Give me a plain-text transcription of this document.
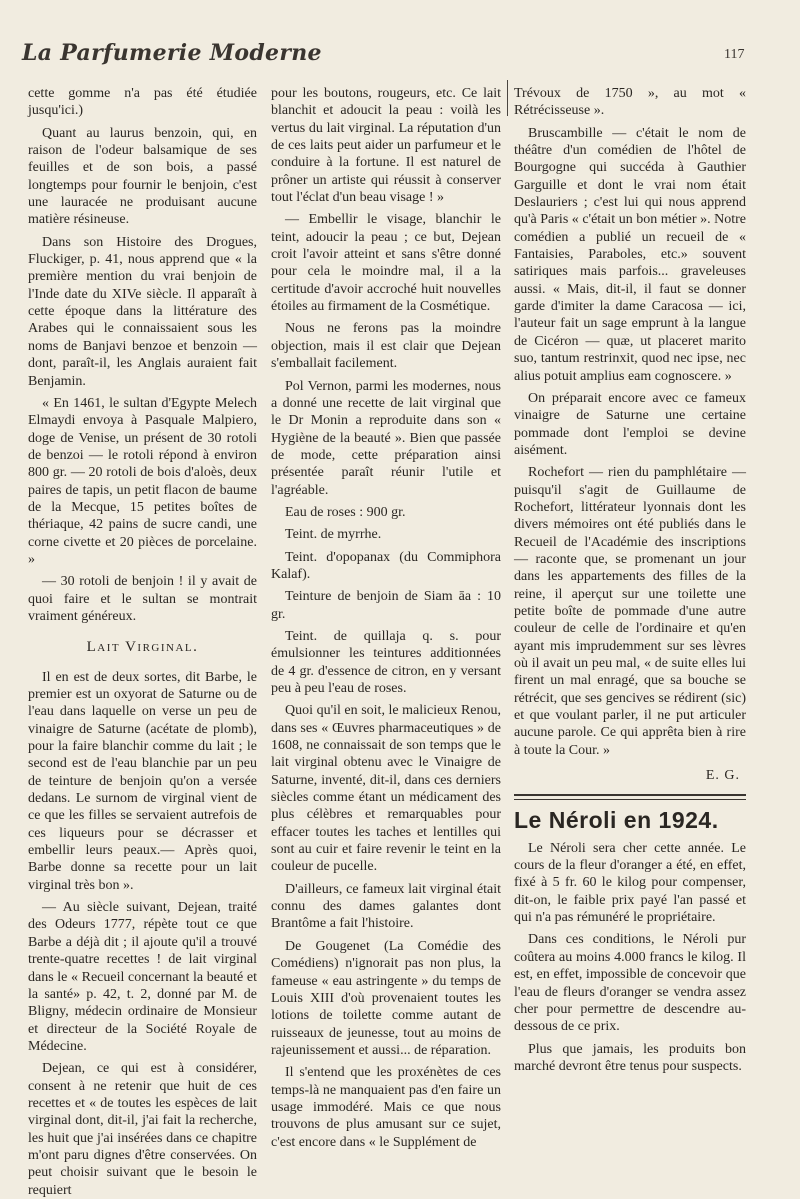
La Parfumerie Moderne	117

cette gomme n'a pas été étudiée jusqu'ici.)

Quant au laurus benzoin, qui, en raison de l'odeur balsamique de ses feuilles et de son bois, a passé longtemps pour fournir le benjoin, c'est une lauracée ne produisant aucune matière résineuse.

Dans son Histoire des Drogues, Fluckiger, p. 41, nous apprend que « la première mention du vrai benjoin de l'Inde date du XIVe siècle. Il apparaît à cette époque dans la littérature des Arabes qui le connaissaient sous les noms de Banjavi benzoe et benzoin — dont, paraît-il, les Anglais auraient fait Benjamin.

« En 1461, le sultan d'Egypte Melech Elmaydi envoya à Pasquale Malpiero, doge de Venise, un présent de 30 rotoli de benzoi — le rotoli répond à environ 800 gr. — 20 rotoli de bois d'aloès, deux paires de tapis, un petit flacon de baume de la Mecque, 15 petites boîtes de thériaque, 42 pains de sucre candi, une corne civette et 20 pièces de porcelaine. »

— 30 rotoli de benjoin ! il y avait de quoi faire et le sultan se montrait vraiment généreux.

Lait Virginal.

Il en est de deux sortes, dit Barbe, le premier est un oxyorat de Saturne ou de l'eau dans laquelle on verse un peu de vinaigre de Saturne (acétate de plomb), pour la faire blanchir comme du lait ; le second est de l'eau blanchie par un peu de teinture de benjoin qu'on a versée dedans. Le surnom de virginal vient de ce que les filles se servaient autrefois de ces liqueurs pour se décrasser et embellir leurs peaux.— Après quoi, Barbe donne sa recette pour un lait virginal très bon ».

— Au siècle suivant, Dejean, traité des Odeurs 1777, répète tout ce que Barbe a déjà dit ; il ajoute qu'il a trouvé trente-quatre recettes ! de lait virginal dans le « Recueil concernant la beauté et la santé» p. 42, t. 2, donné par M. de Bligny, médecin ordinaire de Monsieur et directeur de la Société Royale de Médecine.

Dejean, ce qui est à considérer, consent à ne retenir que huit de ces recettes et « de toutes les espèces de lait virginal dont, dit-il, j'ai fait la recherche, les huit que j'ai insérées dans ce chapitre m'ont paru dignes d'être conservées. On peut choisir suivant que le besoin le requiert

pour les boutons, rougeurs, etc. Ce lait blanchit et adoucit la peau : voilà les vertus du lait virginal. La réputation d'un de ces laits peut aider un parfumeur et le conduire à la fortune. Il est naturel de prôner un artiste qui réussit à conserver tout l'éclat d'un beau visage ! »

— Embellir le visage, blanchir le teint, adoucir la peau ; ce but, Dejean croit l'avoir atteint et sans s'être donné pour cela le moindre mal, il a la certitude d'avoir accroché huit nouvelles étoiles au firmament de la Cosmétique.

Nous ne ferons pas la moindre objection, mais il est clair que Dejean s'emballait facilement.

Pol Vernon, parmi les modernes, nous a donné une recette de lait virginal que le Dr Monin a reproduite dans son « Hygiène de la beauté ». Bien que passée de mode, cette préparation ainsi présentée paraît réunir l'utile et l'agréable.

Eau de roses : 900 gr.

Teint. de myrrhe.

Teint. d'opopanax (du Commiphora Kalaf).

Teinture de benjoin de Siam āa : 10 gr.

Teint. de quillaja q. s. pour émulsionner les teintures additionnées de 4 gr. d'essence de citron, en y versant peu à peu l'eau de roses.

Quoi qu'il en soit, le malicieux Renou, dans ses « Œuvres pharmaceutiques » de 1608, ne connaissait de son temps que le lait virginal obtenu avec le Vinaigre de Saturne, inventé, dit-il, dans ces derniers siècles comme étant un médicament des plus célèbres et remarquables pour effacer toutes les taches et lentilles qui sont au cuir et faire revenir le teint en la couleur de pucelle.

D'ailleurs, ce fameux lait virginal était connu des dames galantes dont Brantôme a fait l'histoire.

De Gougenet (La Comédie des Comédiens) n'ignorait pas non plus, la fameuse « eau astringente » du temps de Louis XIII d'où provenaient toutes les lotions de toilette comme autant de ruisseaux de jeunesse, tout au moins de rajeunissement et aussi... de réparation.

Il s'entend que les proxénètes de ces temps-là ne manquaient pas d'en faire un usage immodéré. Mais ce que nous trouvons de plus amusant sur ce sujet, c'est encore dans « le Supplément de

Trévoux de 1750 », au mot « Rétrécisseuse ».

Bruscambille — c'était le nom de théâtre d'un comédien de l'hôtel de Bourgogne qui succéda à Gauthier Garguille et dont le vrai nom était Deslauriers ; c'est lui qui nous apprend qu'à Paris « c'était un bon métier ». Notre comédien a publié un recueil de « Fantaisies, Paraboles, etc.» souvent satiriques mais parfois... graveleuses aussi. « Mais, dit-il, il faut se donner garde d'imiter la dame Caracosa — ici, l'auteur fait un sage emprunt à la langue de Cicéron — quæ, ut placeret marito suo, tantum restrinxit, quod nec ipse, nec alius potuit amplius eam cognoscere. »

On préparait encore avec ce fameux vinaigre de Saturne une certaine pommade dont l'emploi se devine aisément.

Rochefort — rien du pamphlétaire — puisqu'il s'agit de Guillaume de Rochefort, littérateur lyonnais dont les divers mémoires ont été publiés dans le Recueil de l'Académie des inscriptions — raconte que, se promenant un jour dans les appartements des filles de la reine, il aperçut sur une toilette une petite boîte de pommade d'une autre couleur de celle de l'ordinaire et qu'en ayant mis imprudemment sur ses lèvres où il avait un peu mal, « de suite elles lui firent un mal enragé, que sa bouche se rétrécit, que ses gencives se rédirent (sic) et que voulant parler, il ne put articuler aucune parole. Ce qui apprêta bien à rire à toute la Cour. »

E. G.
Le Néroli en 1924.

Le Néroli sera cher cette année. Le cours de la fleur d'oranger a été, en effet, fixé à 5 fr. 60 le kilog pour compenser, dit-on, le faible prix payé l'an passé et qui n'a pas rémunéré le propriétaire.

Dans ces conditions, le Néroli pur coûtera au moins 4.000 francs le kilog. Il est, en effet, impossible de concevoir que l'eau de fleurs d'oranger se vendra assez cher pour permettre de descendre au-dessous de ce prix.

Plus que jamais, les produits bon marché devront être tenus pour suspects.
